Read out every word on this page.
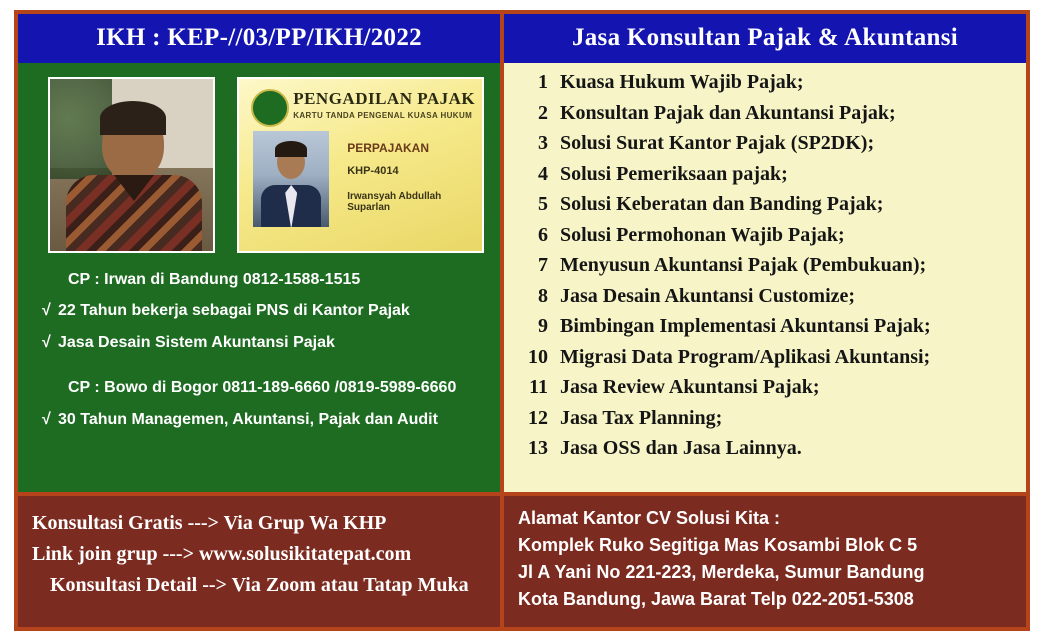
IKH : KEP-//03/PP/IKH/2022
PENGADILAN PAJAK
KARTU TANDA PENGENAL KUASA HUKUM
PERPAJAKAN
KHP-4014
Irwansyah Abdullah Suparlan
CP : Irwan di Bandung 0812-1588-1515
√ 22 Tahun bekerja sebagai PNS di Kantor Pajak
√ Jasa Desain Sistem Akuntansi Pajak
CP : Bowo di Bogor 0811-189-6660 /0819-5989-6660
√ 30 Tahun Managemen, Akuntansi, Pajak dan Audit
Jasa Konsultan Pajak & Akuntansi
1 Kuasa Hukum Wajib Pajak;
2 Konsultan Pajak dan Akuntansi Pajak;
3 Solusi Surat Kantor Pajak (SP2DK);
4 Solusi Pemeriksaan pajak;
5 Solusi Keberatan dan Banding Pajak;
6 Solusi Permohonan Wajib Pajak;
7 Menyusun Akuntansi Pajak (Pembukuan);
8 Jasa Desain Akuntansi Customize;
9 Bimbingan Implementasi Akuntansi Pajak;
10 Migrasi Data Program/Aplikasi Akuntansi;
11 Jasa Review Akuntansi Pajak;
12 Jasa Tax Planning;
13 Jasa OSS dan Jasa Lainnya.
Konsultasi Gratis ---> Via Grup Wa KHP
Link join grup ---> www.solusikitatepat.com
Konsultasi Detail --> Via Zoom atau Tatap Muka
Alamat Kantor CV Solusi Kita :
Komplek Ruko Segitiga Mas Kosambi Blok C 5
Jl A Yani No 221-223, Merdeka, Sumur Bandung
Kota Bandung, Jawa Barat Telp 022-2051-5308
